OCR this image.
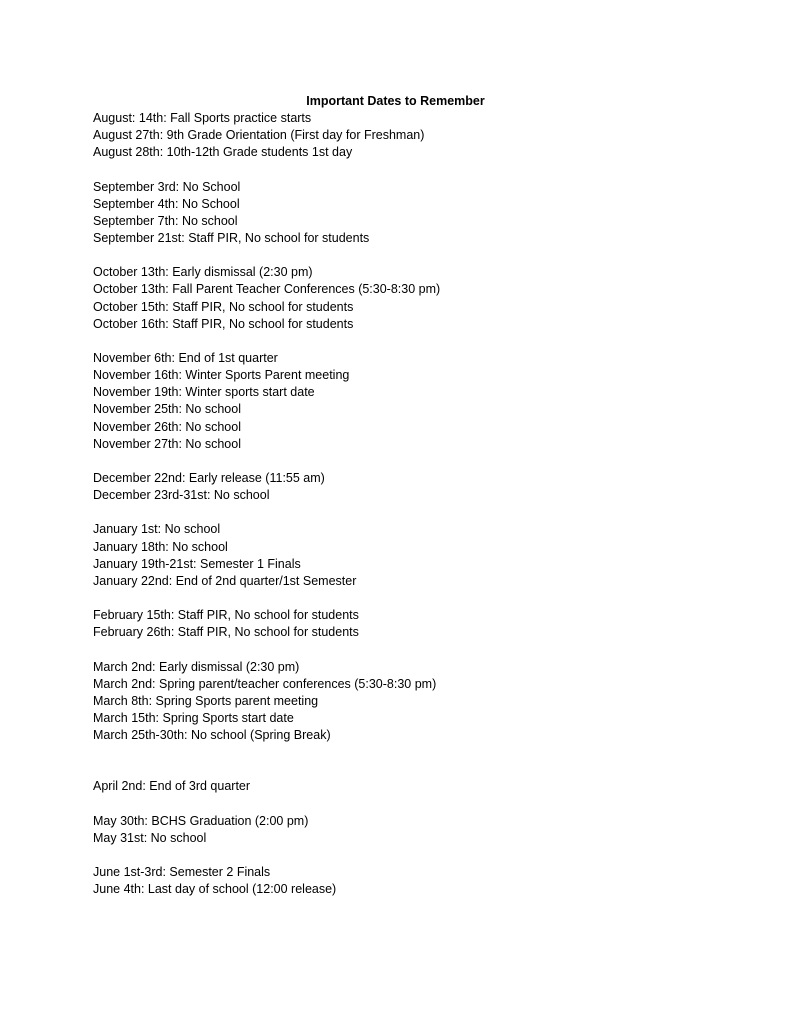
Important Dates to Remember
August: 14th: Fall Sports practice starts
August 27th: 9th Grade Orientation (First day for Freshman)
August 28th: 10th-12th Grade students 1st day
September 3rd: No School
September 4th: No School
September 7th: No school
September 21st: Staff PIR, No school for students
October 13th: Early dismissal (2:30 pm)
October 13th: Fall Parent Teacher Conferences (5:30-8:30 pm)
October 15th: Staff PIR, No school for students
October 16th: Staff PIR, No school for students
November 6th: End of 1st quarter
November 16th: Winter Sports Parent meeting
November 19th: Winter sports start date
November 25th: No school
November 26th: No school
November 27th: No school
December 22nd: Early release (11:55 am)
December 23rd-31st: No school
January 1st: No school
January 18th: No school
January 19th-21st: Semester 1 Finals
January 22nd: End of 2nd quarter/1st Semester
February 15th: Staff PIR, No school for students
February 26th: Staff PIR, No school for students
March 2nd: Early dismissal (2:30 pm)
March 2nd: Spring parent/teacher conferences (5:30-8:30 pm)
March 8th: Spring Sports parent meeting
March 15th: Spring Sports start date
March 25th-30th: No school (Spring Break)
April 2nd: End of 3rd quarter
May 30th: BCHS Graduation (2:00 pm)
May 31st: No school
June 1st-3rd: Semester 2 Finals
June 4th: Last day of school (12:00 release)
